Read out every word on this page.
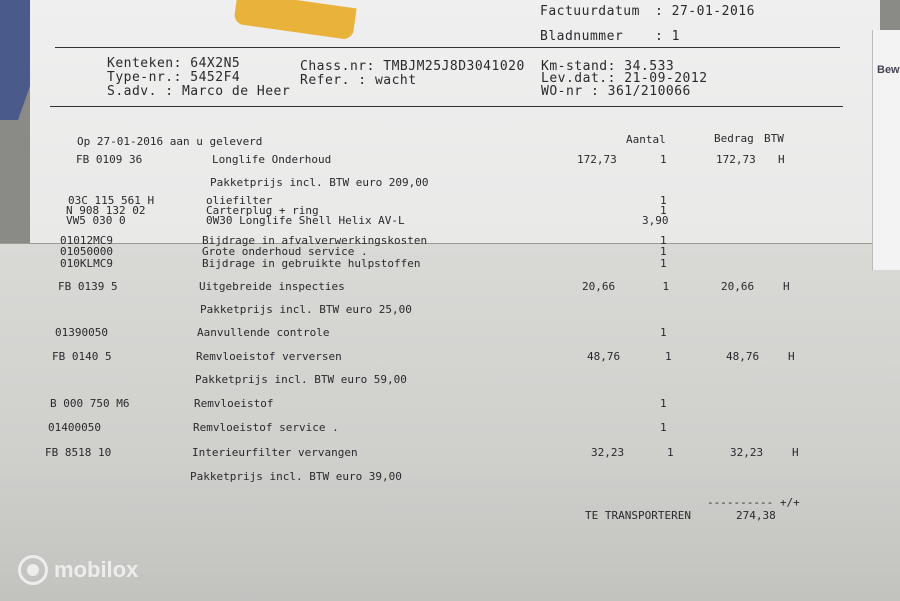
Bew
Factuurdatum : 27-01-2016
Bladnummer : 1
Kenteken: 64X2N5
Type-nr.: 5452F4
S.adv. : Marco de Heer
Chass.nr: TMBJM25J8D3041020
Refer. : wacht
Km-stand: 34.533
Lev.dat.: 21-09-2012
WO-nr : 361/210066
Op 27-01-2016 aan u geleverd	Aantal	Bedrag BTW
FB 0109 36	Longlife Onderhoud	172,73	1	172,73 H
Pakketprijs incl. BTW euro 209,00
03C 115 561 H	oliefilter	1
N 908 132 02	Carterplug + ring	1
VW5 030 0	0W30 Longlife Shell Helix AV-L	3,90
01012MC9	Bijdrage in afvalverwerkingskosten	1
01050000	Grote onderhoud service .	1
010KLMC9	Bijdrage in gebruikte hulpstoffen	1
FB 0139 5	Uitgebreide inspecties	20,66	1	20,66	H
Pakketprijs incl. BTW euro 25,00
01390050	Aanvullende controle	1
FB 0140 5	Remvloeistof verversen	48,76	1	48,76	H
Pakketprijs incl. BTW euro 59,00
B 000 750 M6	Remvloeistof	1
01400050	Remvloeistof service .	1
FB 8518 10	Interieurfilter vervangen	32,23	1	32,23	H
Pakketprijs incl. BTW euro 39,00
---------- +/+
TE TRANSPORTEREN	274,38
mobilox
